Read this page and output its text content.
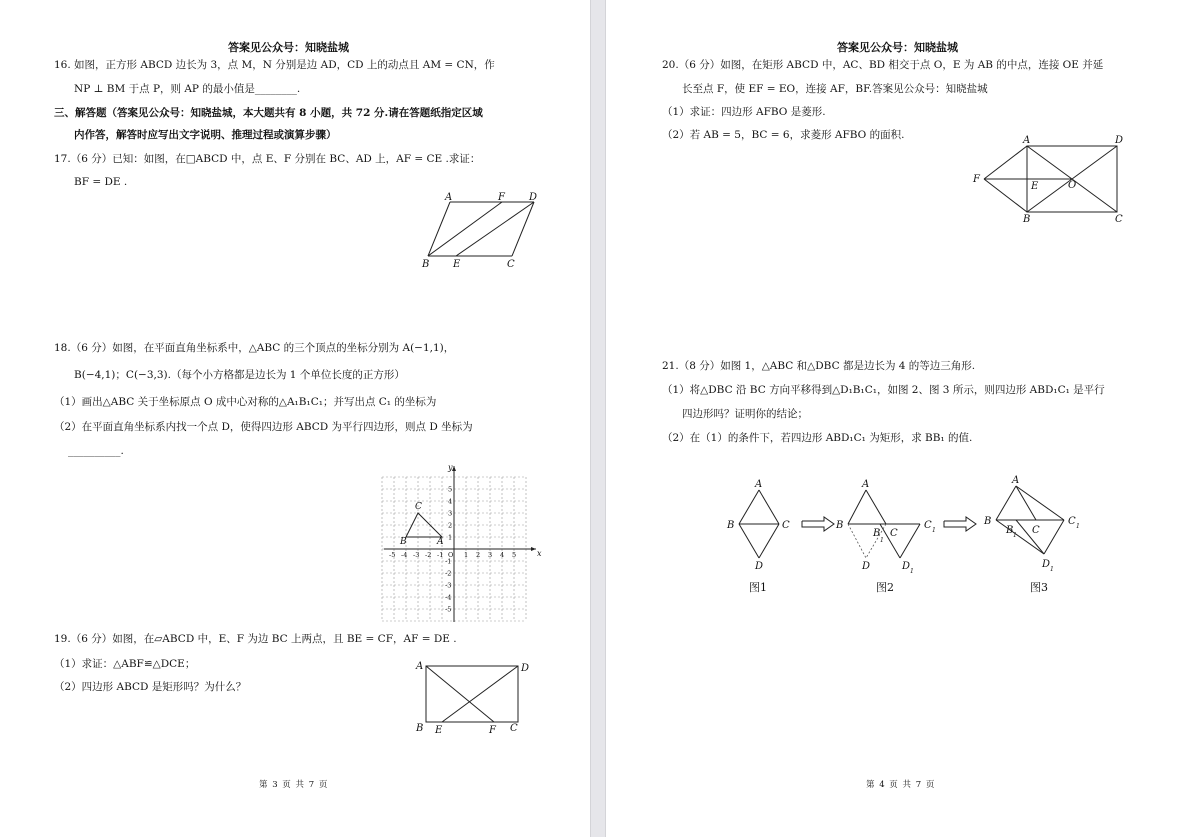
答案见公众号：知晓盐城
16. 如图，正方形 ABCD 边长为 3，点 M，N 分别是边 AD，CD 上的动点且 AM = CN，作
NP ⊥ BM 于点 P，则 AP 的最小值是________.
三、解答题（答案见公众号：知晓盐城，本大题共有 8 小题，共 72 分.请在答题纸指定区域
内作答，解答时应写出文字说明、推理过程或演算步骤）
17.（6 分）已知：如图，在□ABCD 中，点 E、F 分别在 BC、AD 上，AF = CE .求证：
BF = DE .
A	F D
B E	C
18.（6 分）如图，在平面直角坐标系中，△ABC 的三个顶点的坐标分别为 A(−1,1)，
B(−4,1)；C(−3,3).（每个小方格都是边长为 1 个单位长度的正方形）
（1）画出△ABC 关于坐标原点 O 成中心对称的△A₁B₁C₁；并写出点 C₁ 的坐标为
（2）在平面直角坐标系内找一个点 D，使得四边形 ABCD 为平行四边形，则点 D 坐标为
__________.
-5 -4 -3 -2 -1 O 1 2 3 4 5
5
4
3
2
1
-1
-2
-3
-4
-5
x
y
A
B
C
19.（6 分）如图，在▱ABCD 中，E、F 为边 BC 上两点，且 BE = CF，AF = DE .
（1）求证：△ABF≌△DCE；
（2）四边形 ABCD 是矩形吗？为什么？
A	D
B E	F C
第 3 页 共 7 页
答案见公众号：知晓盐城
20.（6 分）如图，在矩形 ABCD 中，AC、BD 相交于点 O，E 为 AB 的中点，连接 OE 并延
长至点 F，使 EF = EO，连接 AF，BF.答案见公众号：知晓盐城
（1）求证：四边形 AFBO 是菱形.
（2）若 AB = 5，BC = 6，求菱形 AFBO 的面积.	A	D
F
E	O
B	C
21.（8 分）如图 1，△ABC 和△DBC 都是边长为 4 的等边三角形.
（1）将△DBC 沿 BC 方向平移得到△D₁B₁C₁，如图 2、图 3 所示，则四边形 ABD₁C₁ 是平行
四边形吗？证明你的结论；
（2）在（1）的条件下，若四边形 ABD₁C₁ 为矩形，求 BB₁ 的值.
A
B	C
D
图1
A
B
B
1
C
C 1
D	D 1
图2
A
B
B 1 C
C 1
D 1
图3
第 4 页 共 7 页
